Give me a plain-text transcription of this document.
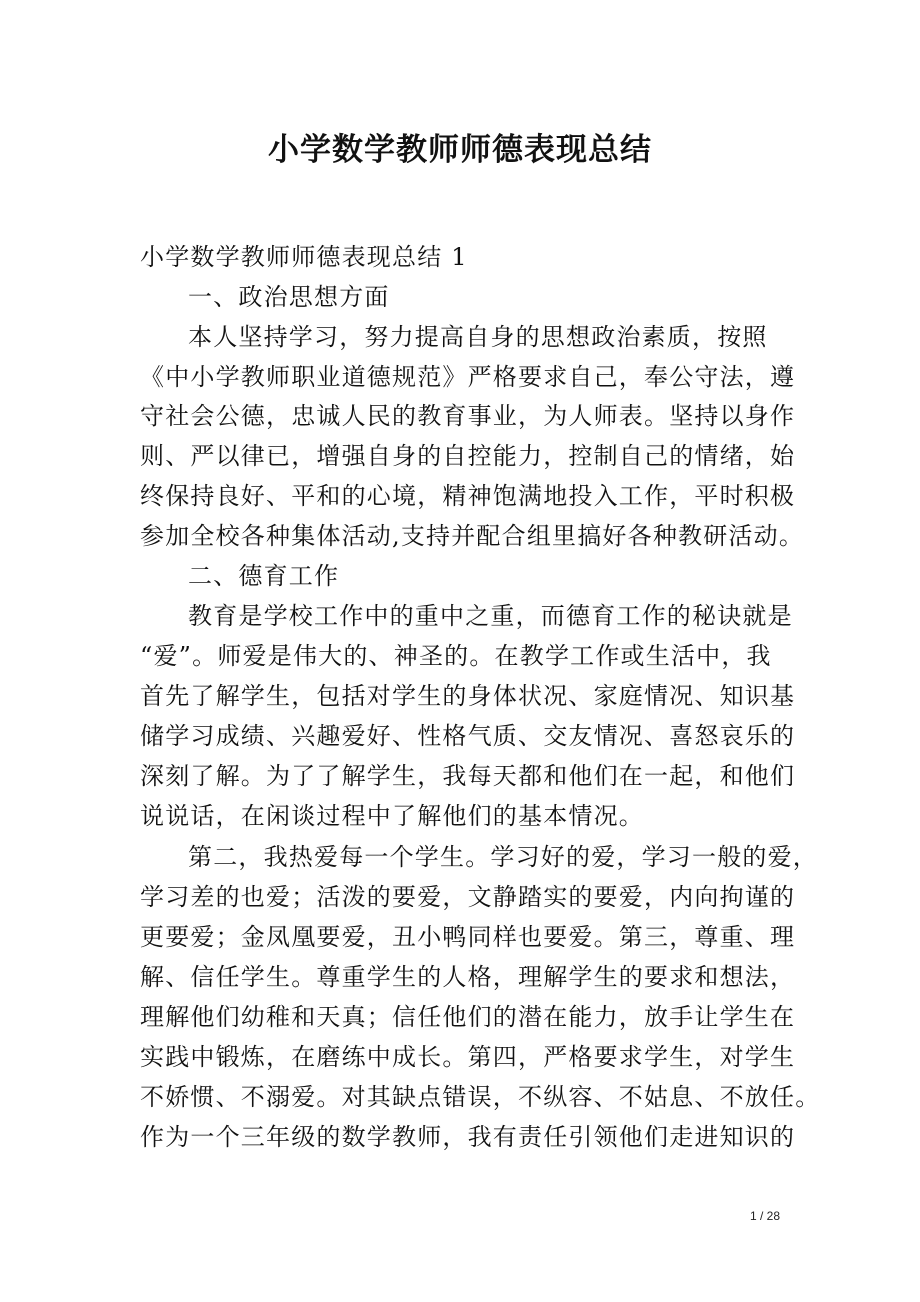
小学数学教师师德表现总结
小学数学教师师德表现总结 1
一、政治思想方面
本人坚持学习，努力提高自身的思想政治素质，按照
《中小学教师职业道德规范》严格要求自己，奉公守法，遵
守社会公德，忠诚人民的教育事业，为人师表。坚持以身作
则、严以律已，增强自身的自控能力，控制自己的情绪，始
终保持良好、平和的心境，精神饱满地投入工作，平时积极
参加全校各种集体活动,支持并配合组里搞好各种教研活动。
二、德育工作
教育是学校工作中的重中之重，而德育工作的秘诀就是
“爱”。师爱是伟大的、神圣的。在教学工作或生活中，我
首先了解学生，包括对学生的身体状况、家庭情况、知识基
储学习成绩、兴趣爱好、性格气质、交友情况、喜怒哀乐的
深刻了解。为了了解学生，我每天都和他们在一起，和他们
说说话，在闲谈过程中了解他们的基本情况。
第二，我热爱每一个学生。学习好的爱，学习一般的爱，
学习差的也爱；活泼的要爱，文静踏实的要爱，内向拘谨的
更要爱；金凤凰要爱，丑小鸭同样也要爱。第三，尊重、理
解、信任学生。尊重学生的人格，理解学生的要求和想法，
理解他们幼稚和天真；信任他们的潜在能力，放手让学生在
实践中锻炼，在磨练中成长。第四，严格要求学生，对学生
不娇惯、不溺爱。对其缺点错误，不纵容、不姑息、不放任。
作为一个三年级的数学教师，我有责任引领他们走进知识的
1 / 28
